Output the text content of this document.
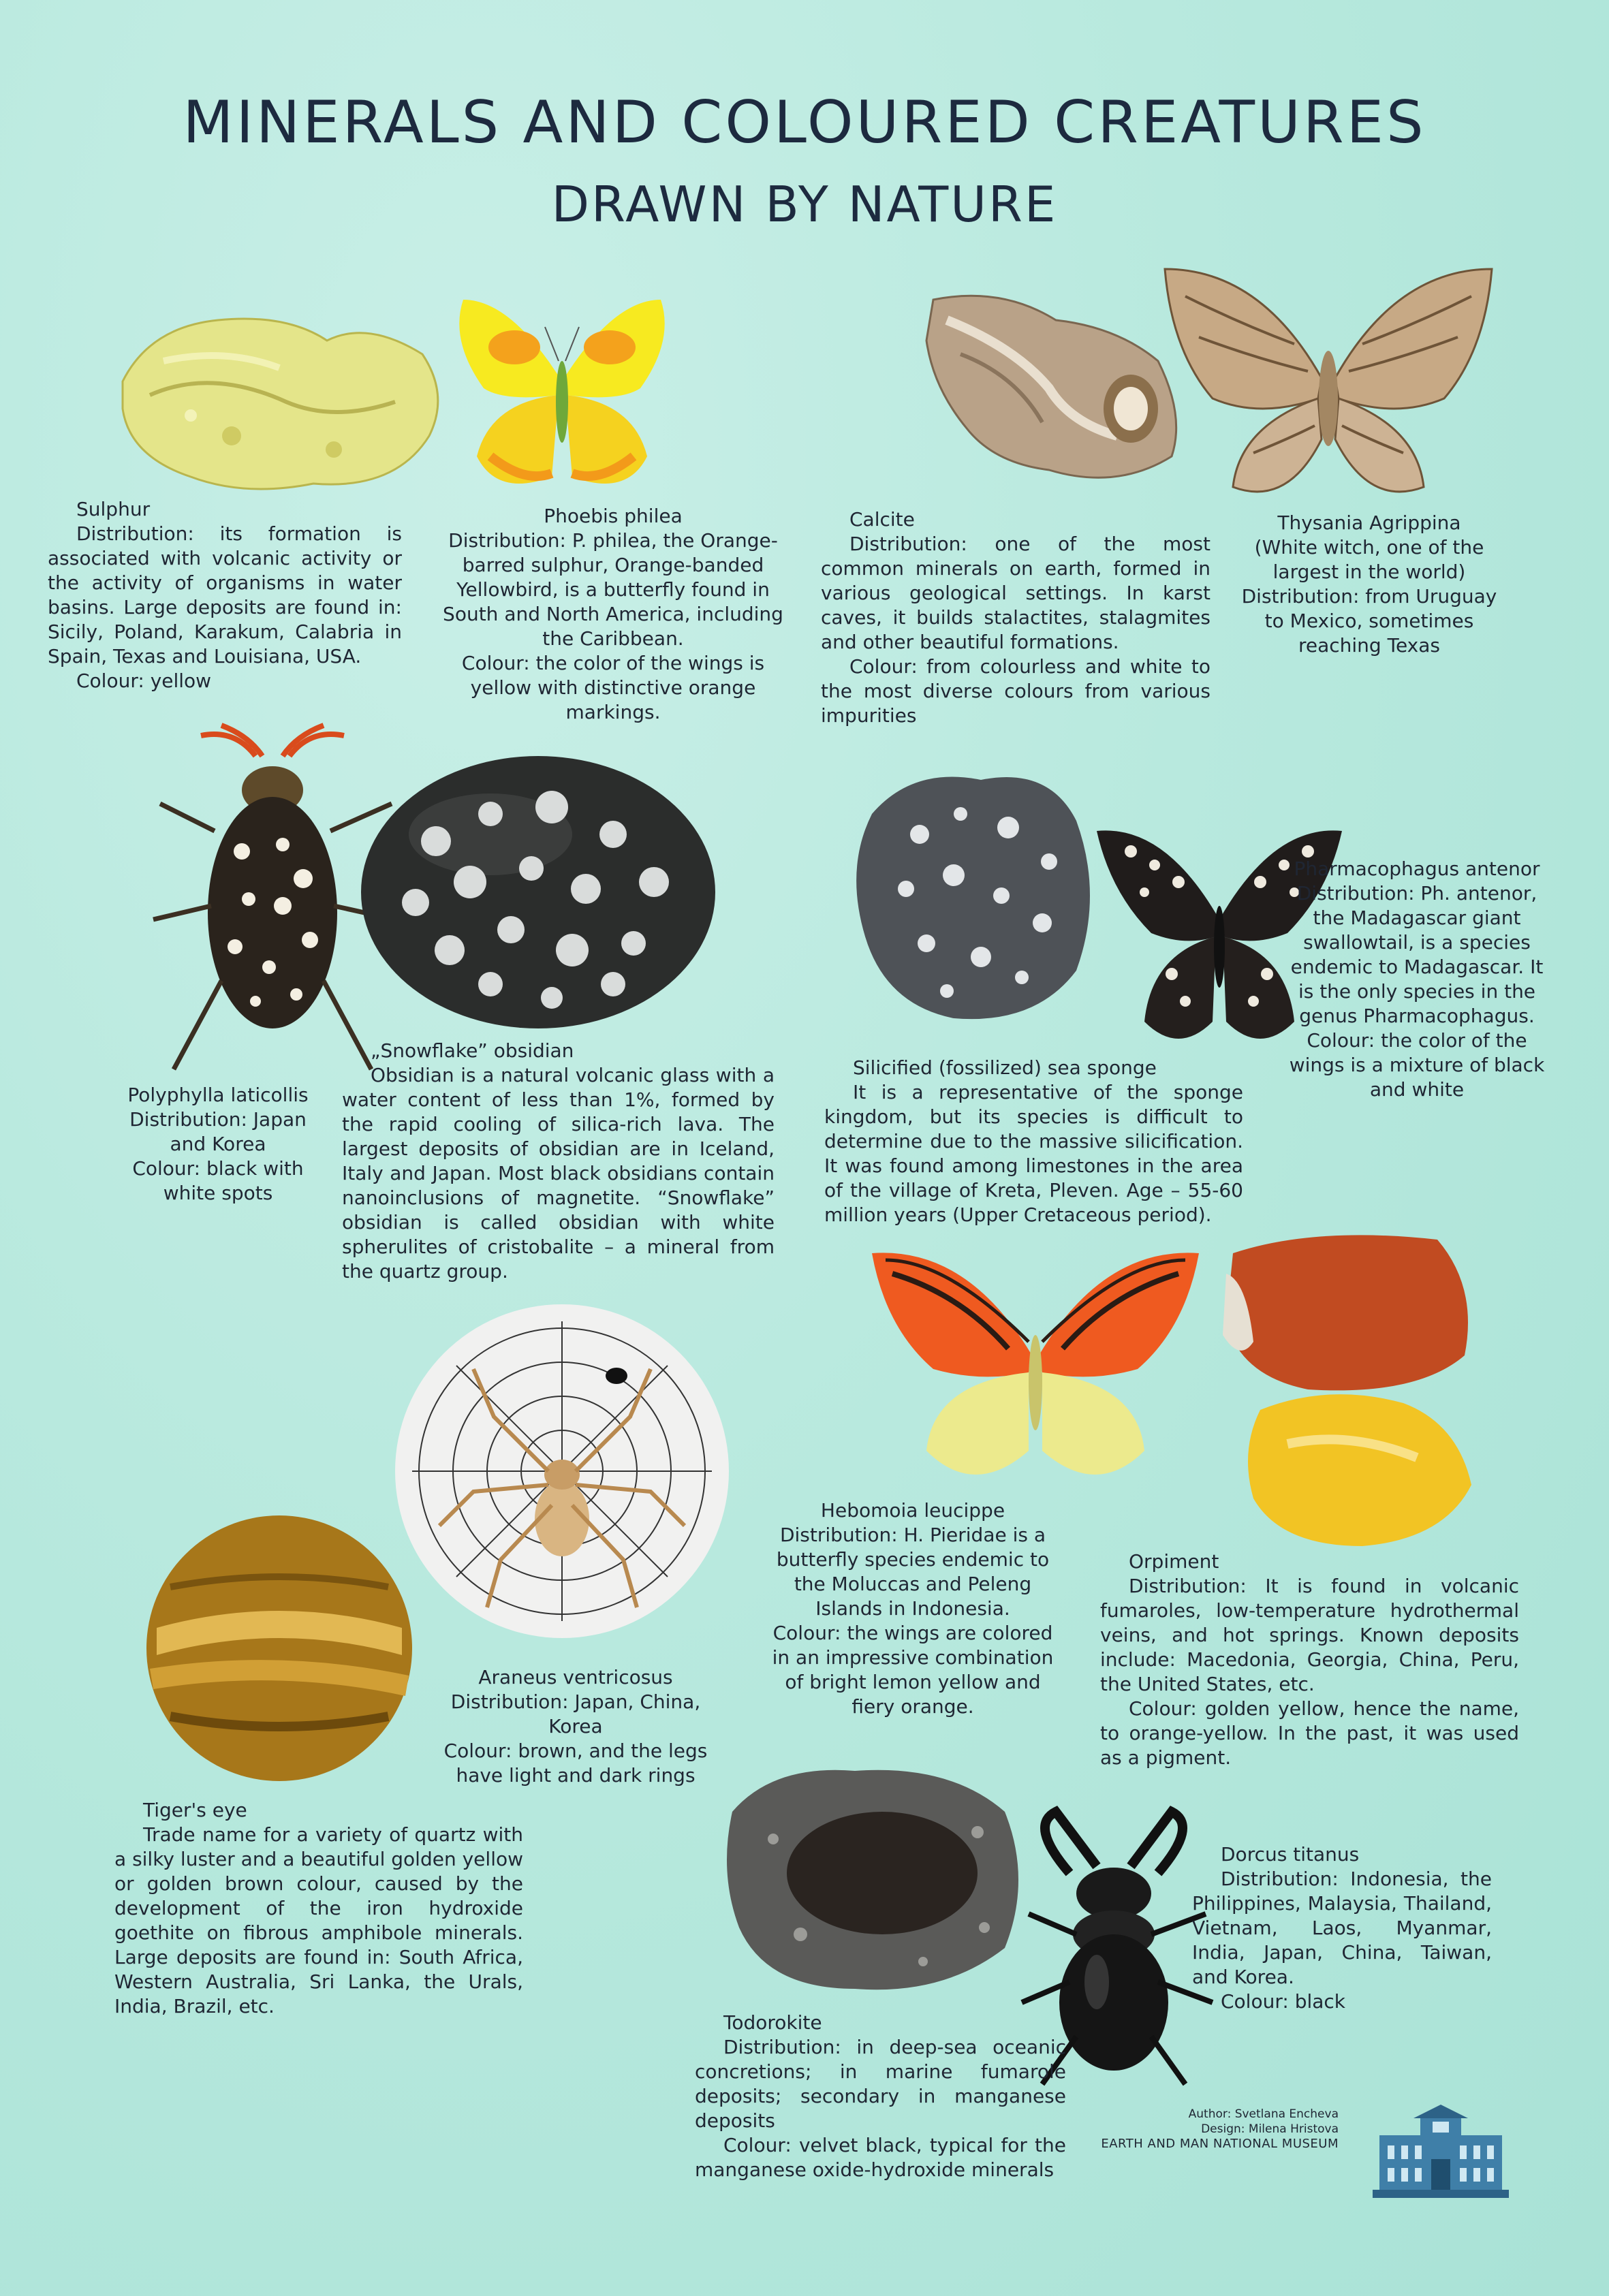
MINERALS AND COLOURED CREATURES
DRAWN BY NATURE
Sulphur

Distribution: its formation is associated with volcanic activity or the activity of organisms in water basins. Large deposits are found in: Sicily, Poland, Karakum, Calabria in Spain, Texas and Louisiana, USA.

Colour: yellow

Phoebis philea

Distribution: P. philea, the Orange-barred sulphur, Orange-banded Yellowbird, is a butterfly found in South and North America, including the Caribbean.

Colour: the color of the wings is yellow with distinctive orange markings.

Calcite

Distribution: one of the most common minerals on earth, formed in various geological settings. In karst caves, it builds stalactites, stalagmites and other beautiful formations.

Colour: from colourless and white to the most diverse colours from various impurities

Thysania Agrippina

(White witch, one of the largest in the world)

Distribution: from Uruguay to Mexico, sometimes reaching Texas

Polyphylla laticollis

Distribution: Japan and Korea

Colour: black with white spots

„Snowflake” obsidian

Obsidian is a natural volcanic glass with a water content of less than 1%, formed by the rapid cooling of silica-rich lava. The largest deposits of obsidian are in Iceland, Italy and Japan. Most black obsidians contain nanoinclusions of magnetite. “Snowflake” obsidian is called obsidian with white spherulites of cristobalite – a mineral from the quartz group.

Silicified (fossilized) sea sponge

It is a representative of the sponge kingdom, but its species is difficult to determine due to the massive silicification. It was found among limestones in the area of the village of Kreta, Pleven. Age – 55-60 million years (Upper Cretaceous period).

Pharmacophagus antenor

Distribution: Ph. antenor, the Madagascar giant swallowtail, is a species endemic to Madagascar. It is the only species in the genus Pharmacophagus.

Colour: the color of the wings is a mixture of black and white

Hebomoia leucippe

Distribution: H. Pieridae is a butterfly species endemic to the Moluccas and Peleng Islands in Indonesia.

Colour: the wings are colored in an impressive combination of bright lemon yellow and fiery orange.

Orpiment

Distribution: It is found in volcanic fumaroles, low-temperature hydrothermal veins, and hot springs. Known deposits include: Macedonia, Georgia, China, Peru, the United States, etc.

Colour: golden yellow, hence the name, to orange-yellow. In the past, it was used as a pigment.

Araneus ventricosus

Distribution: Japan, China, Korea

Colour: brown, and the legs have light and dark rings

Tiger's eye

Trade name for a variety of quartz with a silky luster and a beautiful golden yellow or golden brown colour, caused by the development of the iron hydroxide goethite on fibrous amphibole minerals. Large deposits are found in: South Africa, Western Australia, Sri Lanka, the Urals, India, Brazil, etc.

Dorcus titanus

Distribution: Indonesia, the Philippines, Malaysia, Thailand, Vietnam, Laos, Myanmar, India, Japan, China, Taiwan, and Korea.

Colour: black

Todorokite

Distribution: in deep-sea oceanic concretions; in marine fumarole deposits; secondary in manganese deposits

Colour: velvet black, typical for the manganese oxide-hydroxide minerals

Author: Svetlana Encheva
Design: Milena Hristova
EARTH AND MAN NATIONAL MUSEUM
